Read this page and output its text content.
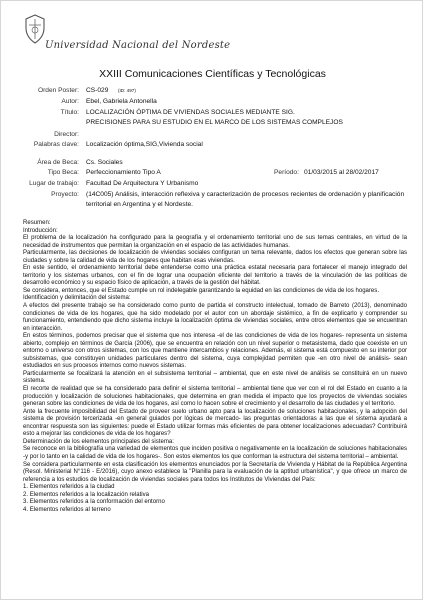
Universidad Nacional del Nordeste
XXIII Comunicaciones Científicas y Tecnológicas
Orden Poster: CS-029 (ID: 497)
Autor: Ebel, Gabriela Antonella
Título: LOCALIZACIÓN ÓPTIMA DE VIVIENDAS SOCIALES MEDIANTE SIG.
PRECISIONES PARA SU ESTUDIO EN EL MARCO DE LOS SISTEMAS COMPLEJOS
Director:
Palabras clave: Localización óptima,SIG,Vivienda social
Área de Beca: Cs. Sociales
Tipo Beca: Perfeccionamiento Tipo A	Período: 01/03/2015 al 28/02/2017
Lugar de trabajo: Facultad De Arquitectura Y Urbanismo
Proyecto: (14C005) Análisis, interacción reflexiva y caracterización de procesos recientes de ordenación y planificación
territorial en Argentina y el Nordeste.

Resumen:

Introducción:

El problema de la localización ha configurado para la geografía y el ordenamiento territorial uno de sus temas centrales, en virtud de la necesidad de instrumentos que permitan la organización en el espacio de las actividades humanas.

Particularmente, las decisiones de localización de viviendas sociales configuran un tema relevante, dados los efectos que generan sobre las ciudades y sobre la calidad de vida de los hogares que habitan esas viviendas.

En este sentido, el ordenamiento territorial debe entenderse como una práctica estatal necesaria para fortalecer el manejo integrado del territorio y los sistemas urbanos, con el fin de lograr una ocupación eficiente del territorio a través de la vinculación de las políticas de desarrollo económico y su espacio físico de aplicación, a través de la gestión del hábitat.

Se considera, entonces, que el Estado cumple un rol indelegable garantizando la equidad en las condiciones de vida de los hogares.

Identificación y delimitación del sistema:

A efectos del presente trabajo se ha considerado como punto de partida el constructo intelectual, tomado de Barreto (2013), denominado condiciones de vida de los hogares, que ha sido modelado por el autor con un abordaje sistémico, a fin de explicarlo y comprender su funcionamiento, entendiendo que dicho sistema incluye la localización óptima de viviendas sociales, entre otros elementos que se encuentran en interacción.

En estos términos, podemos precisar que el sistema que nos interesa -el de las condiciones de vida de los hogares- representa un sistema abierto, complejo en términos de García (2006), que se encuentra en relación con un nivel superior o metasistema, dado que coexiste en un entorno o universo con otros sistemas, con los que mantiene intercambios y relaciones. Además, el sistema está compuesto en su interior por subsistemas, que constituyen unidades particulares dentro del sistema, cuya complejidad permiten que -en otro nivel de análisis- sean estudiados en sus procesos internos como nuevos sistemas.

Particularmente se focalizará la atención en el subsistema territorial – ambiental, que en este nivel de análisis se constituirá en un nuevo sistema.

El recorte de realidad que se ha considerado para definir el sistema territorial – ambiental tiene que ver con el rol del Estado en cuanto a la producción y localización de soluciones habitacionales, que determina en gran medida el impacto que los proyectos de viviendas sociales generan sobre las condiciones de vida de los hogares, así como lo hacen sobre el crecimiento y el desarrollo de las ciudades y el territorio.

Ante la frecuente imposibilidad del Estado de proveer suelo urbano apto para la localización de soluciones habitacionales, y la adopción del sistema de provisión tercerizada -en general guiados por lógicas de mercado- las preguntas orientadoras a las que el sistema ayudará a encontrar respuesta son las siguientes: puede el Estado utilizar formas más eficientes de para obtener localizaciones adecuadas? Contribuirá esto a mejorar las condiciones de vida de los hogares?

Determinación de los elementos principales del sistema:

Se reconoce en la bibliografía una variedad de elementos que inciden positiva o negativamente en la localización de soluciones habitacionales -y por lo tanto en la calidad de vida de los hogares-. Son estos elementos los que conforman la estructura del sistema territorial – ambiental.

Se considera particularmente en esta clasificación los elementos enunciados por la Secretaría de Vivienda y Hábitat de la República Argentina (Resol. Ministerial N°116 - E/2016), cuyo anexo establece la "Planilla para la evaluación de la aptitud urbanística", y que ofrece un marco de referencia a los estudios de localización de viviendas sociales para todos los Institutos de Viviendas del País:

1. Elementos referidos a la ciudad

2. Elementos referidos a la localización relativa

3. Elementos referidos a la conformación del entorno

4. Elementos referidos al terreno
